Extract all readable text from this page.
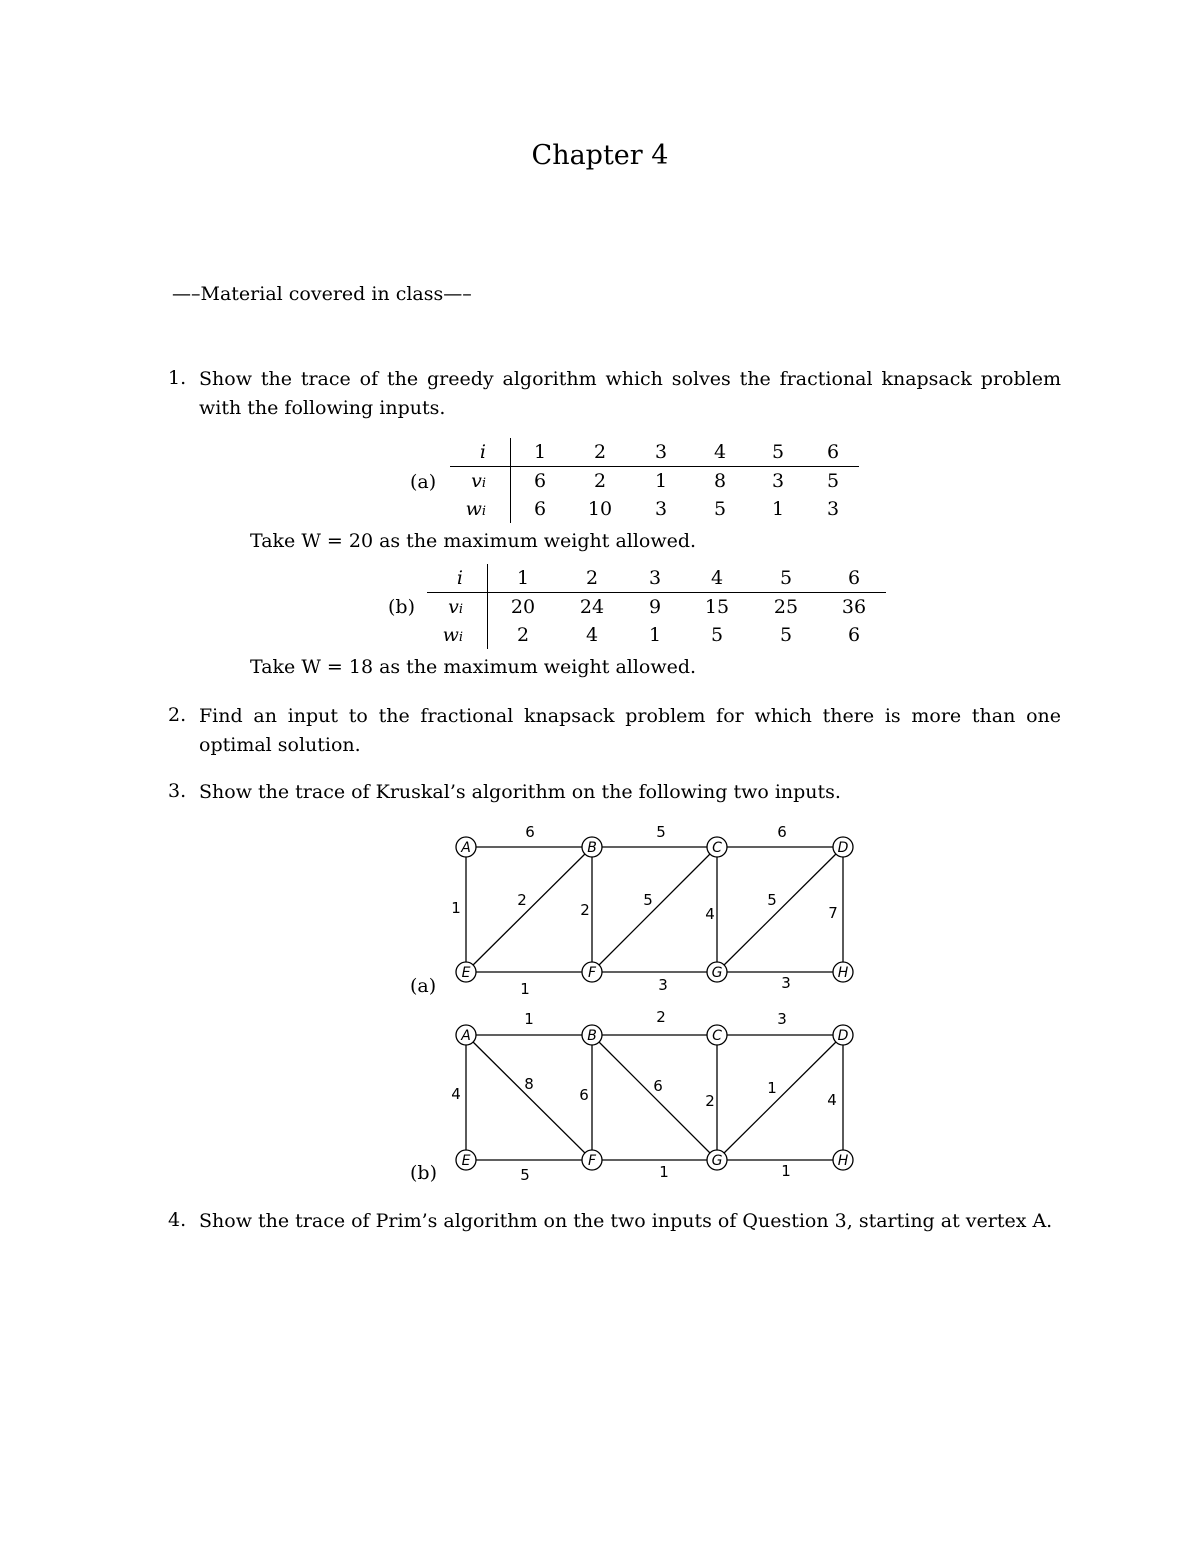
Chapter 4
—–Material covered in class—–
1. Show the trace of the greedy algorithm which solves the fractional knapsack problem with the following inputs.
(a)
i	1	2	3	4	5	6
vi	6	2	1	8	3	5
wi	6	10	3	5	1	3
Take W = 20 as the maximum weight allowed.
(b)
i	1	2	3	4	5	6
vi	20	24	9	15	25	36
wi	2	4	1	5	5	6
Take W = 18 as the maximum weight allowed.
2. Find an input to the fractional knapsack problem for which there is more than one optimal solution.
3. Show the trace of Kruskal’s algorithm on the following two inputs.
(a)
(b)
6	5	6
1	2
2
5
4
5
7
1	3	3
A	B	C	D
E	F	G	H
1	2	3
4
8
6	6
2
1
4
5	1	1
A	B	C	D
E	F	G	H
4. Show the trace of Prim’s algorithm on the two inputs of Question 3, starting at vertex A.
